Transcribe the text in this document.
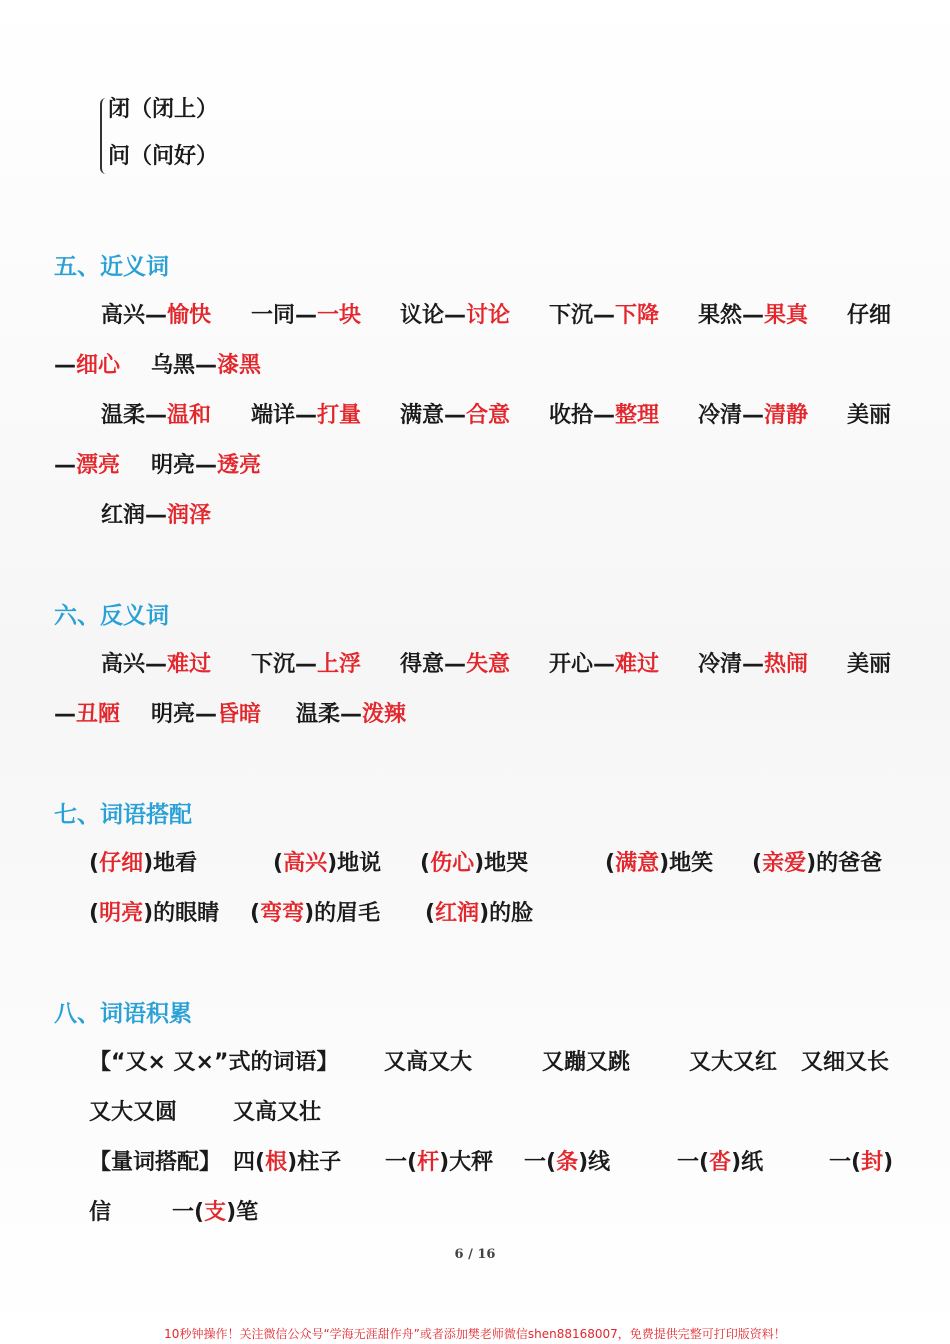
闭（闭上）
问（问好）
五、近义词
高兴—愉快 一同—一块 议论—讨论 下沉—下降 果然—果真 仔细
—细心 乌黑—漆黑
温柔—温和 端详—打量 满意—合意 收拾—整理 冷清—清静 美丽
—漂亮 明亮—透亮
红润—润泽
六、反义词
高兴—难过 下沉—上浮 得意—失意 开心—难过 冷清—热闹 美丽
—丑陋 明亮—昏暗 温柔—泼辣
七、词语搭配
(仔细)地看	(高兴)地说 (伤心)地哭	(满意)地笑 (亲爱)的爸爸
(明亮)的眼睛 (弯弯)的眉毛 (红润)的脸
八、词语积累
【“又× 又×”式的词语】 又高又大	又蹦又跳	又大又红 又细又长
又大又圆	又高又壮
【量词搭配】 四(根)柱子 一(杆)大秤 一(条)线	一(沓)纸	一(封)
信	一(支)笔
6 / 16
10秒钟操作！关注微信公众号“学海无涯甜作舟”或者添加樊老师微信shen88168007，免费提供完整可打印版资料！
